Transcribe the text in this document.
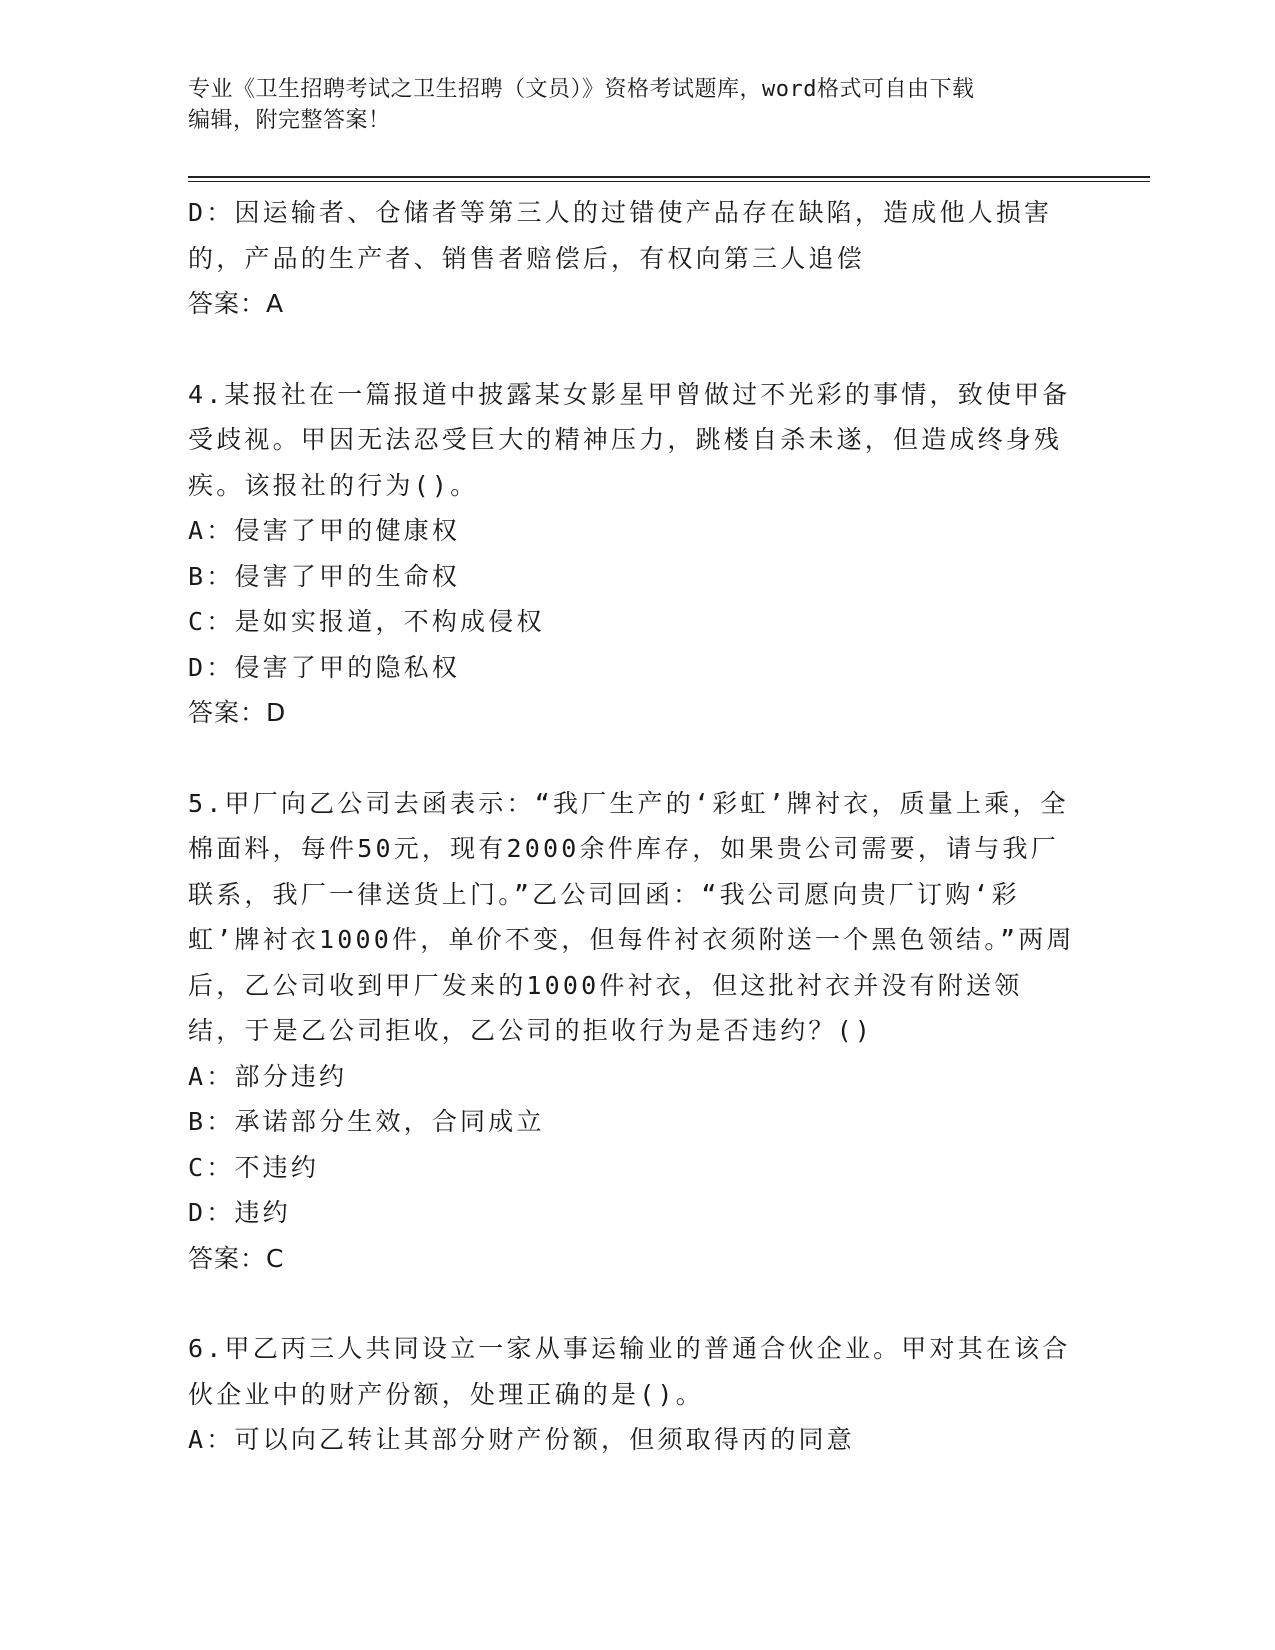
专业《卫生招聘考试之卫生招聘（文员）》资格考试题库，word格式可自由下载
编辑，附完整答案！

D：因运输者、仓储者等第三人的过错使产品存在缺陷，造成他人损害的，产品的生产者、销售者赔偿后，有权向第三人追偿

答案：A

4.某报社在一篇报道中披露某女影星甲曾做过不光彩的事情，致使甲备受歧视。甲因无法忍受巨大的精神压力，跳楼自杀未遂，但造成终身残疾。该报社的行为()。

A：侵害了甲的健康权

B：侵害了甲的生命权

C：是如实报道，不构成侵权

D：侵害了甲的隐私权

答案：D

5.甲厂向乙公司去函表示：“我厂生产的‘彩虹’牌衬衣，质量上乘，全棉面料，每件50元，现有2000余件库存，如果贵公司需要，请与我厂联系，我厂一律送货上门。”乙公司回函：“我公司愿向贵厂订购‘彩虹’牌衬衣1000件，单价不变，但每件衬衣须附送一个黑色领结。”两周后，乙公司收到甲厂发来的1000件衬衣，但这批衬衣并没有附送领结，于是乙公司拒收，乙公司的拒收行为是否违约？()

A：部分违约

B：承诺部分生效，合同成立

C：不违约

D：违约

答案：C

6.甲乙丙三人共同设立一家从事运输业的普通合伙企业。甲对其在该合伙企业中的财产份额，处理正确的是()。

A：可以向乙转让其部分财产份额，但须取得丙的同意
